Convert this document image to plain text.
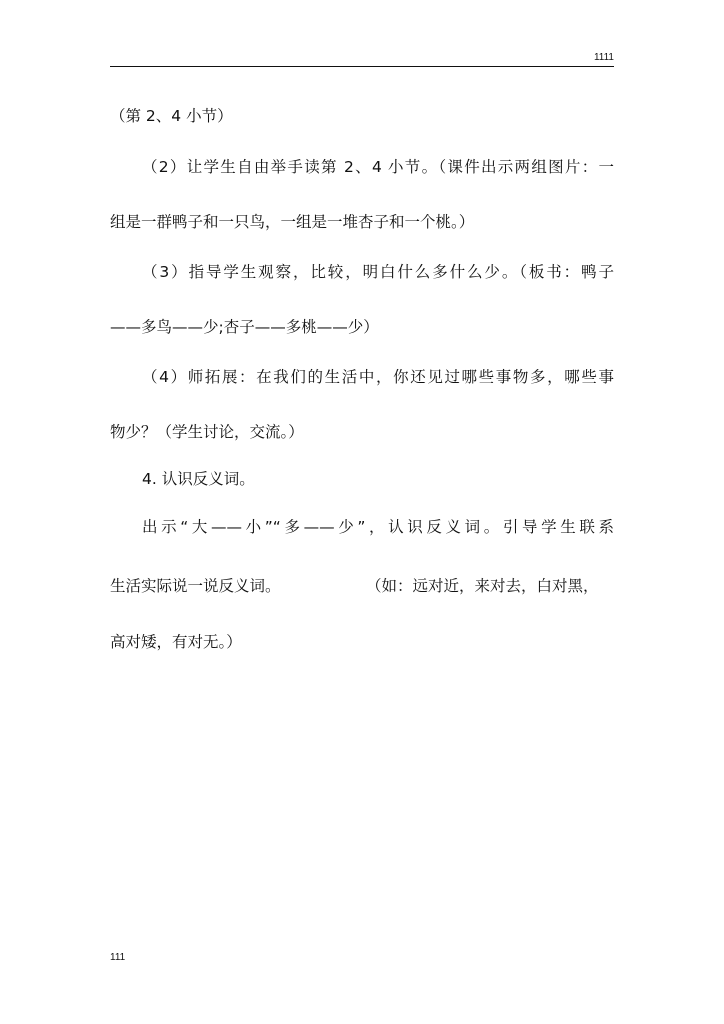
1111
（第 2、4 小节）
（2）让学生自由举手读第 2、4 小节。（课件出示两组图片：一
组是一群鸭子和一只鸟，一组是一堆杏子和一个桃。）
（3）指导学生观察，比较，明白什么多什么少。（板书：鸭子
——多鸟——少;杏子——多桃——少）
（4）师拓展：在我们的生活中，你还见过哪些事物多，哪些事
物少？（学生讨论，交流。）
4. 认识反义词。
出示“大——小”“多——少”，认识反义词。引导学生联系
生活实际说一说反义词。	（如：远对近，来对去，白对黑，
高对矮，有对无。）
111
